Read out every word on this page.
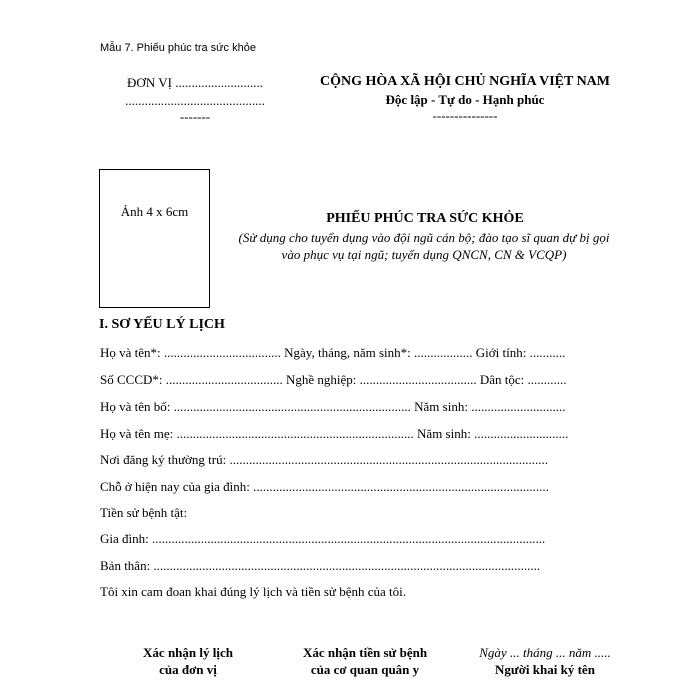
Mẫu 7. Phiếu phúc tra sức khỏe
ĐƠN VỊ ...........................
...........................................
-------
CỘNG HÒA XÃ HỘI CHỦ NGHĨA VIỆT NAM
Độc lập - Tự do - Hạnh phúc
---------------
Ảnh 4 x 6cm	PHIẾU PHÚC TRA SỨC KHỎE
(Sử dụng cho tuyển dụng vào đội ngũ cán bộ; đào tạo sĩ quan dự bị gọi
vào phục vụ tại ngũ; tuyển dụng QNCN, CN & VCQP)
I. SƠ YẾU LÝ LỊCH
Họ và tên*: .................................... Ngày, tháng, năm sinh*: .................. Giới tính: ...........
Số CCCD*: .................................... Nghề nghiệp: .................................... Dân tộc: ............
Họ và tên bố: ......................................................................... Năm sinh: .............................
Họ và tên mẹ: ......................................................................... Năm sinh: .............................
Nơi đăng ký thường trú: ..................................................................................................
Chỗ ở hiện nay của gia đình: ...........................................................................................
Tiền sử bệnh tật:
Gia đình: .........................................................................................................................
Bản thân: .......................................................................................................................
Tôi xin cam đoan khai đúng lý lịch và tiền sử bệnh của tôi.
Xác nhận lý lịch
của đơn vị
Xác nhận tiền sử bệnh
của cơ quan quân y
Ngày ... tháng ... năm .....
Người khai ký tên
